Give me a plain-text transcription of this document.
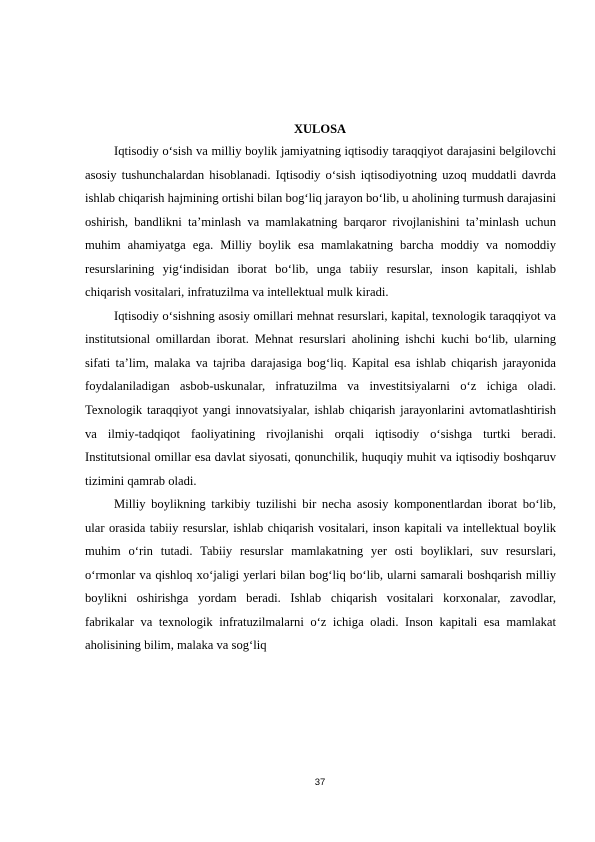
XULOSA

Iqtisodiy o‘sish va milliy boylik jamiyatning iqtisodiy taraqqiyot darajasini belgilovchi asosiy tushunchalardan hisoblanadi. Iqtisodiy o‘sish iqtisodiyotning uzoq muddatli davrda ishlab chiqarish hajmining ortishi bilan bog‘liq jarayon bo‘lib, u aholining turmush darajasini oshirish, bandlikni ta’minlash va mamlakatning barqaror rivojlanishini ta’minlash uchun muhim ahamiyatga ega. Milliy boylik esa mamlakatning barcha moddiy va nomoddiy resurslarining yig‘indisidan iborat bo‘lib, unga tabiiy resurslar, inson kapitali, ishlab chiqarish vositalari, infratuzilma va intellektual mulk kiradi.

Iqtisodiy o‘sishning asosiy omillari mehnat resurslari, kapital, texnologik taraqqiyot va institutsional omillardan iborat. Mehnat resurslari aholining ishchi kuchi bo‘lib, ularning sifati ta’lim, malaka va tajriba darajasiga bog‘liq. Kapital esa ishlab chiqarish jarayonida foydalaniladigan asbob-uskunalar, infratuzilma va investitsiyalarni o‘z ichiga oladi. Texnologik taraqqiyot yangi innovatsiyalar, ishlab chiqarish jarayonlarini avtomatlashtirish va ilmiy-tadqiqot faoliyatining rivojlanishi orqali iqtisodiy o‘sishga turtki beradi. Institutsional omillar esa davlat siyosati, qonunchilik, huquqiy muhit va iqtisodiy boshqaruv tizimini qamrab oladi.

Milliy boylikning tarkibiy tuzilishi bir necha asosiy komponentlardan iborat bo‘lib, ular orasida tabiiy resurslar, ishlab chiqarish vositalari, inson kapitali va intellektual boylik muhim o‘rin tutadi. Tabiiy resurslar mamlakatning yer osti boyliklari, suv resurslari, o‘rmonlar va qishloq xo‘jaligi yerlari bilan bog‘liq bo‘lib, ularni samarali boshqarish milliy boylikni oshirishga yordam beradi. Ishlab chiqarish vositalari korxonalar, zavodlar, fabrikalar va texnologik infratuzilmalarni o‘z ichiga oladi. Inson kapitali esa mamlakat aholisining bilim, malaka va sog‘liq

37
